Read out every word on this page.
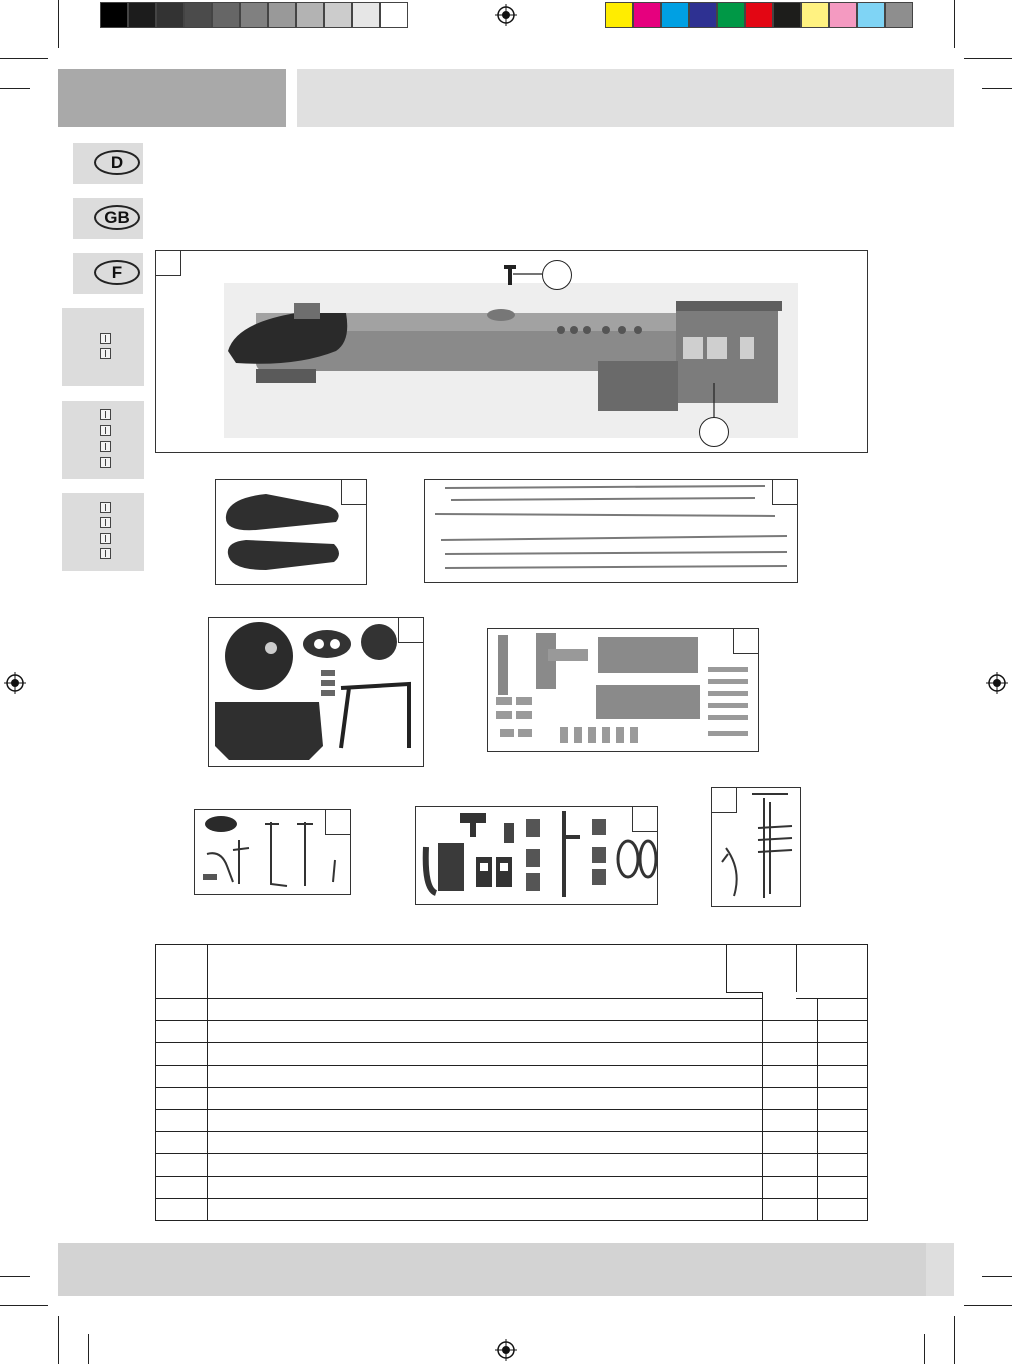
D
GB
F
